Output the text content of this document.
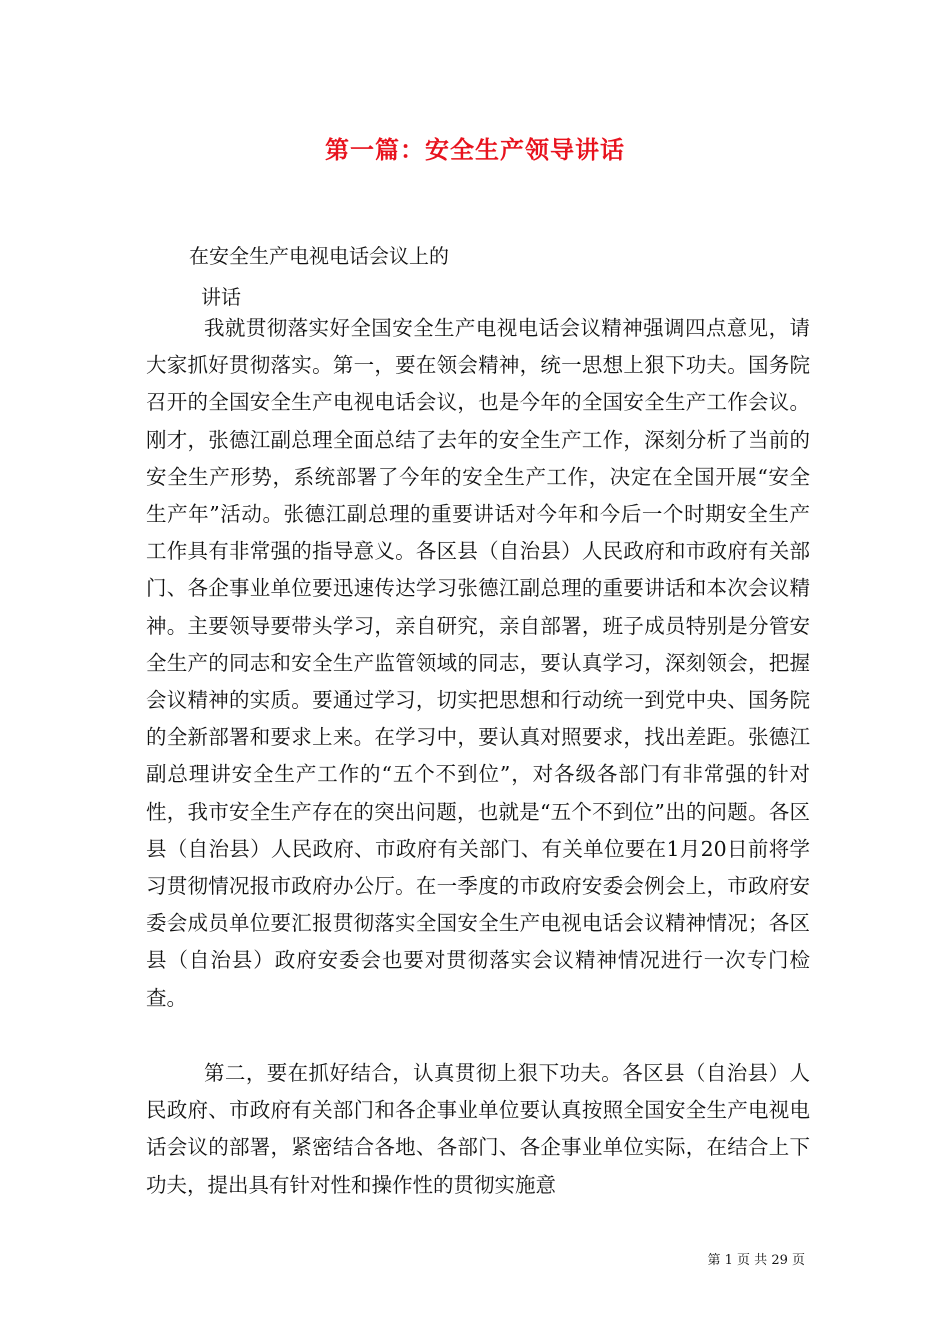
第一篇：安全生产领导讲话
在安全生产电视电话会议上的
讲话

我就贯彻落实好全国安全生产电视电话会议精神强调四点意见，请大家抓好贯彻落实。第一，要在领会精神，统一思想上狠下功夫。国务院召开的全国安全生产电视电话会议，也是今年的全国安全生产工作会议。刚才，张德江副总理全面总结了去年的安全生产工作，深刻分析了当前的安全生产形势，系统部署了今年的安全生产工作，决定在全国开展“安全生产年”活动。张德江副总理的重要讲话对今年和今后一个时期安全生产工作具有非常强的指导意义。各区县（自治县）人民政府和市政府有关部门、各企事业单位要迅速传达学习张德江副总理的重要讲话和本次会议精神。主要领导要带头学习，亲自研究，亲自部署，班子成员特别是分管安全生产的同志和安全生产监管领域的同志，要认真学习，深刻领会，把握会议精神的实质。要通过学习，切实把思想和行动统一到党中央、国务院的全新部署和要求上来。在学习中，要认真对照要求，找出差距。张德江副总理讲安全生产工作的“五个不到位”，对各级各部门有非常强的针对性，我市安全生产存在的突出问题，也就是“五个不到位”出的问题。各区县（自治县）人民政府、市政府有关部门、有关单位要在1月20日前将学习贯彻情况报市政府办公厅。在一季度的市政府安委会例会上，市政府安委会成员单位要汇报贯彻落实全国安全生产电视电话会议精神情况；各区县（自治县）政府安委会也要对贯彻落实会议精神情况进行一次专门检查。

第二，要在抓好结合，认真贯彻上狠下功夫。各区县（自治县）人民政府、市政府有关部门和各企事业单位要认真按照全国安全生产电视电话会议的部署，紧密结合各地、各部门、各企事业单位实际，在结合上下功夫，提出具有针对性和操作性的贯彻实施意

第 1 页 共 29 页
